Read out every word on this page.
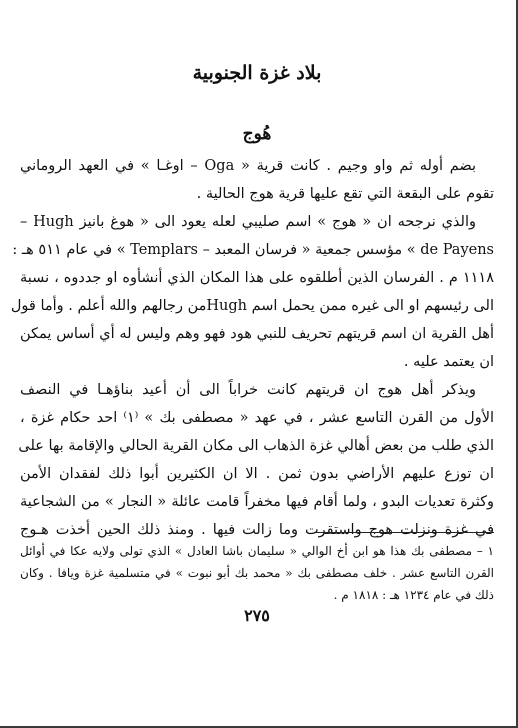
بلاد غزة الجنوبية
هُوج
بضم أوله ثم واو وجيم . كانت قرية « Oga – اوغـا » في العهد الروماني
تقوم على البقعة التي تقع عليها قرية هوج الحالية .
والذي نرجحه ان « هوج » اسم صليبي لعله يعود الى « هوغ بانيز Hugh –
de Payens » مؤسس جمعية « فرسان المعبد – Templars » في عام ٥١١ هـ :
١١١٨ م . الفرسان الذين أطلقوه على هذا المكان الذي أنشأوه او جددوه ، نسبة
الى رئيسهم او الى غيره ممن يحمل اسم Hughمن رجالهم والله أعلم . وأما قول
أهل القرية ان اسم قريتهم تحريف للنبي هود فهو وهم وليس له أي أساس يمكن
ان يعتمد عليه .
ويذكر أهل هوج ان قريتهم كانت خراباً الى أن أعيد بناؤهـا في النصف
الأول من القرن التاسع عشر ، في عهد « مصطفى بك » ⁽١⁾ احد حكام غزة ،
الذي طلب من بعض أهالي غزة الذهاب الى مكان القرية الحالي والإقامة بها على
ان توزع عليهم الأراضي بدون ثمن . الا ان الكثيرين أبوا ذلك لفقدان الأمن
وكثرة تعديات البدو ، ولما أقام فيها مخفراً قامت عائلة « النجار » من الشجاعية
في غزة ونزلت هوج واستقرت وما زالت فيها . ومنذ ذلك الحين أخذت هـوج
١ – مصطفى بك هذا هو ابن أخ الوالي « سليمان باشا العادل » الذي تولى ولايه عكا في أوائل
القرن التاسع عشر . خلف مصطفى بك « محمد بك أبو نبوت » في متسلمية غزة ويافا . وكان
ذلك في عام ١٢٣٤ هـ : ١٨١٨ م .

٢٧٥
